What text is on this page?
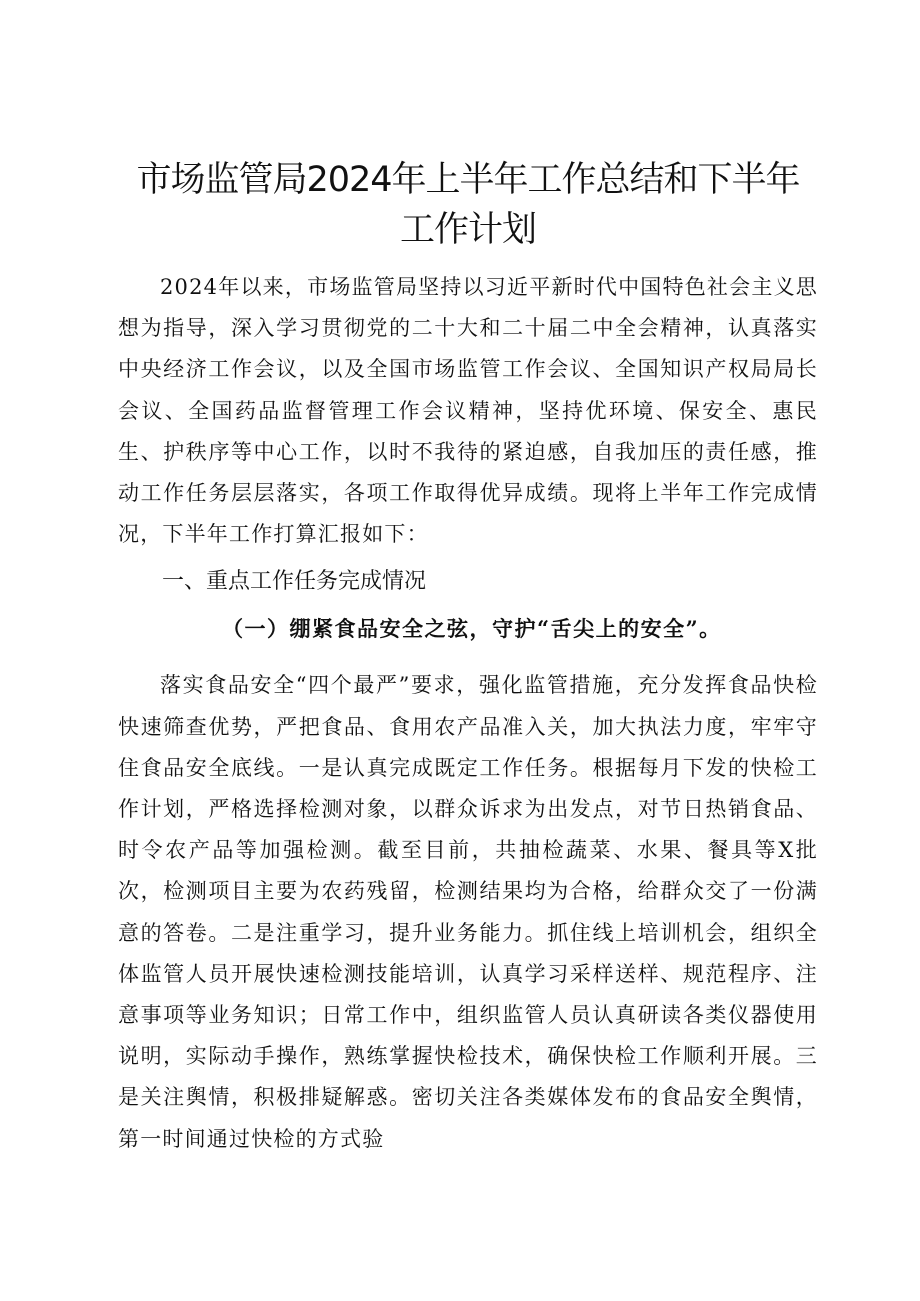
市场监管局2024年上半年工作总结和下半年
工作计划

2024年以来，市场监管局坚持以习近平新时代中国特色社会主义思想为指导，深入学习贯彻党的二十大和二十届二中全会精神，认真落实中央经济工作会议，以及全国市场监管工作会议、全国知识产权局局长会议、全国药品监督管理工作会议精神，坚持优环境、保安全、惠民生、护秩序等中心工作，以时不我待的紧迫感，自我加压的责任感，推动工作任务层层落实，各项工作取得优异成绩。现将上半年工作完成情况，下半年工作打算汇报如下：

一、重点工作任务完成情况
（一）绷紧食品安全之弦，守护“舌尖上的安全”。

落实食品安全“四个最严”要求，强化监管措施，充分发挥食品快检快速筛查优势，严把食品、食用农产品准入关，加大执法力度，牢牢守住食品安全底线。一是认真完成既定工作任务。根据每月下发的快检工作计划，严格选择检测对象，以群众诉求为出发点，对节日热销食品、时令农产品等加强检测。截至目前，共抽检蔬菜、水果、餐具等X批次，检测项目主要为农药残留，检测结果均为合格，给群众交了一份满意的答卷。二是注重学习，提升业务能力。抓住线上培训机会，组织全体监管人员开展快速检测技能培训，认真学习采样送样、规范程序、注意事项等业务知识；日常工作中，组织监管人员认真研读各类仪器使用说明，实际动手操作，熟练掌握快检技术，确保快检工作顺利开展。三是关注舆情，积极排疑解惑。密切关注各类媒体发布的食品安全舆情，第一时间通过快检的方式验
